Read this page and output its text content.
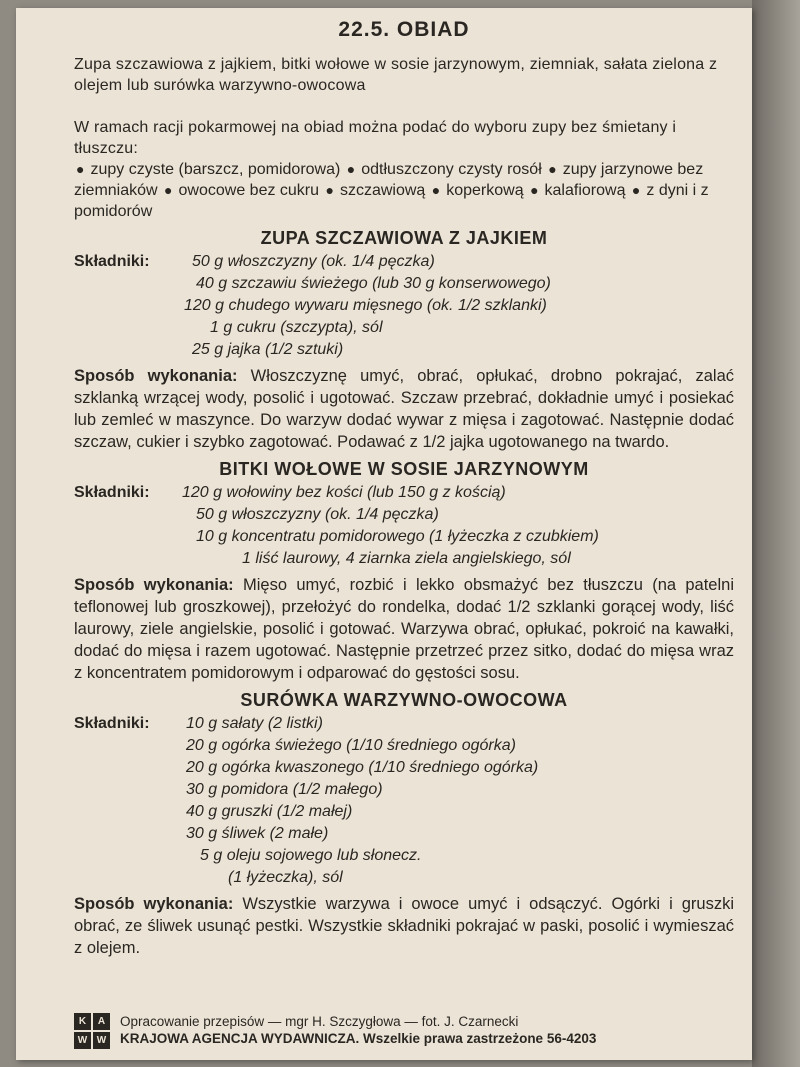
22.5. OBIAD

Zupa szczawiowa z jajkiem, bitki wołowe w sosie jarzynowym, ziemniak, sałata zielona z olejem lub surówka warzywno-owocowa

W ramach racji pokarmowej na obiad można podać do wyboru zupy bez śmietany i tłuszczu:

● zupy czyste (barszcz, pomidorowa) ● odtłuszczony czysty rosół ● zupy jarzynowe bez ziemniaków ● owocowe bez cukru ● szczawiową ● koperkową ● kalafiorową ● z dyni i z pomidorów

ZUPA SZCZAWIOWA Z JAJKIEM
Składniki:	50 g włoszczyzny (ok. 1/4 pęczka)
40 g szczawiu świeżego (lub 30 g konserwowego)
120 g chudego wywaru mięsnego (ok. 1/2 szklanki)
1 g cukru (szczypta), sól
25 g jajka (1/2 sztuki)

Sposób wykonania: Włoszczyznę umyć, obrać, opłukać, drobno pokrajać, zalać szklanką wrzącej wody, posolić i ugotować. Szczaw przebrać, dokładnie umyć i posiekać lub zemleć w maszynce. Do warzyw dodać wywar z mięsa i zagotować. Następnie dodać szczaw, cukier i szybko zagotować. Podawać z 1/2 jajka ugotowanego na twardo.

BITKI WOŁOWE W SOSIE JARZYNOWYM
Składniki:	120 g wołowiny bez kości (lub 150 g z kością)
50 g włoszczyzny (ok. 1/4 pęczka)
10 g koncentratu pomidorowego (1 łyżeczka z czubkiem)
1 liść laurowy, 4 ziarnka ziela angielskiego, sól

Sposób wykonania: Mięso umyć, rozbić i lekko obsmażyć bez tłuszczu (na patelni teflonowej lub groszkowej), przełożyć do rondelka, dodać 1/2 szklanki gorącej wody, liść laurowy, ziele angielskie, posolić i gotować. Warzywa obrać, opłukać, pokroić na kawałki, dodać do mięsa i razem ugotować. Następnie przetrzeć przez sitko, dodać do mięsa wraz z koncentratem pomidorowym i odparować do gęstości sosu.

SURÓWKA WARZYWNO-OWOCOWA
Składniki:	10 g sałaty (2 listki)
20 g ogórka świeżego (1/10 średniego ogórka)
20 g ogórka kwaszonego (1/10 średniego ogórka)
30 g pomidora (1/2 małego)
40 g gruszki (1/2 małej)
30 g śliwek (2 małe)
5 g oleju sojowego lub słonecz.
(1 łyżeczka), sól

Sposób wykonania: Wszystkie warzywa i owoce umyć i odsączyć. Ogórki i gruszki obrać, ze śliwek usunąć pestki. Wszystkie składniki pokrajać w paski, posolić i wymieszać z olejem.

K	A
W W
Opracowanie przepisów — mgr H. Szczygłowa — fot. J. Czarnecki
KRAJOWA AGENCJA WYDAWNICZA. Wszelkie prawa zastrzeżone 56-4203
